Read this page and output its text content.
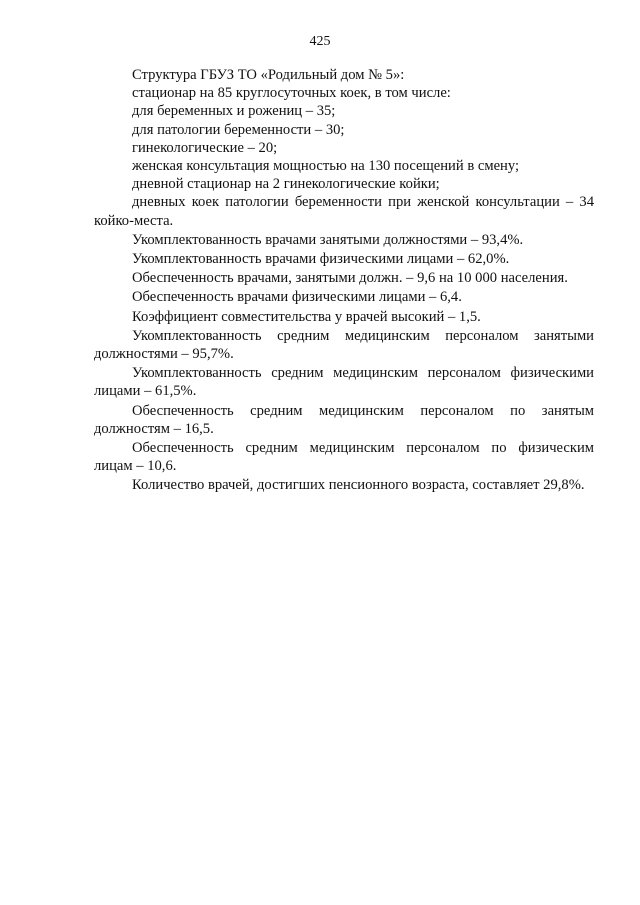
425
Структура ГБУЗ ТО «Родильный дом № 5»:
стационар на 85 круглосуточных коек, в том числе:
для беременных и рожениц – 35;
для патологии беременности – 30;
гинекологические – 20;
женская консультация мощностью на 130 посещений в смену;
дневной стационар на 2 гинекологические койки;
дневных коек патологии беременности при женской консультации – 34 койко-места.
Укомплектованность врачами занятыми должностями – 93,4%.
Укомплектованность врачами физическими лицами – 62,0%.
Обеспеченность врачами, занятыми должн. – 9,6 на 10 000 населения.
Обеспеченность врачами физическими лицами – 6,4.
Коэффициент совместительства у врачей высокий – 1,5.
Укомплектованность средним медицинским персоналом занятыми должностями – 95,7%.
Укомплектованность средним медицинским персоналом физическими лицами – 61,5%.
Обеспеченность средним медицинским персоналом по занятым должностям – 16,5.
Обеспеченность средним медицинским персоналом по физическим лицам – 10,6.
Количество врачей, достигших пенсионного возраста, составляет 29,8%.
